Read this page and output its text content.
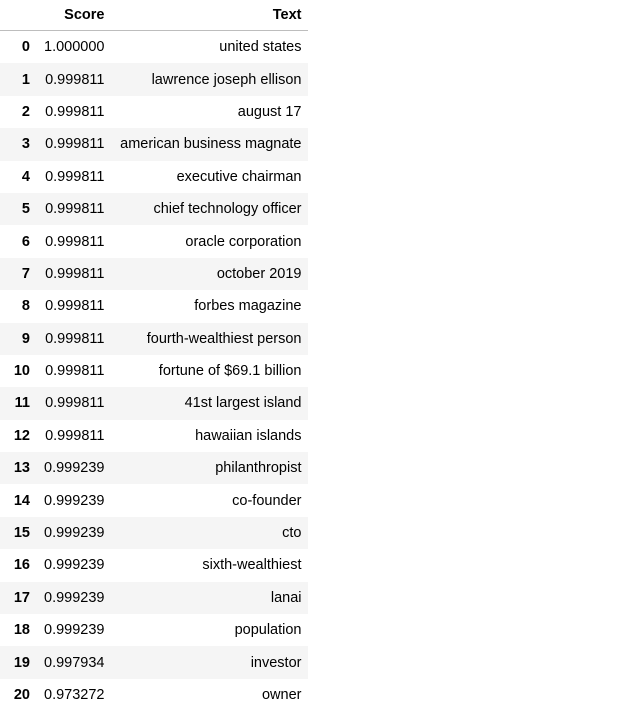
	Score	Text
0	1.000000	united states
1	0.999811	lawrence joseph ellison
2	0.999811	august 17
3	0.999811	american business magnate
4	0.999811	executive chairman
5	0.999811	chief technology officer
6	0.999811	oracle corporation
7	0.999811	october 2019
8	0.999811	forbes magazine
9	0.999811	fourth-wealthiest person
10	0.999811	fortune of $69.1 billion
11	0.999811	41st largest island
12	0.999811	hawaiian islands
13	0.999239	philanthropist
14	0.999239	co-founder
15	0.999239	cto
16	0.999239	sixth-wealthiest
17	0.999239	lanai
18	0.999239	population
19	0.997934	investor
20	0.973272	owner
